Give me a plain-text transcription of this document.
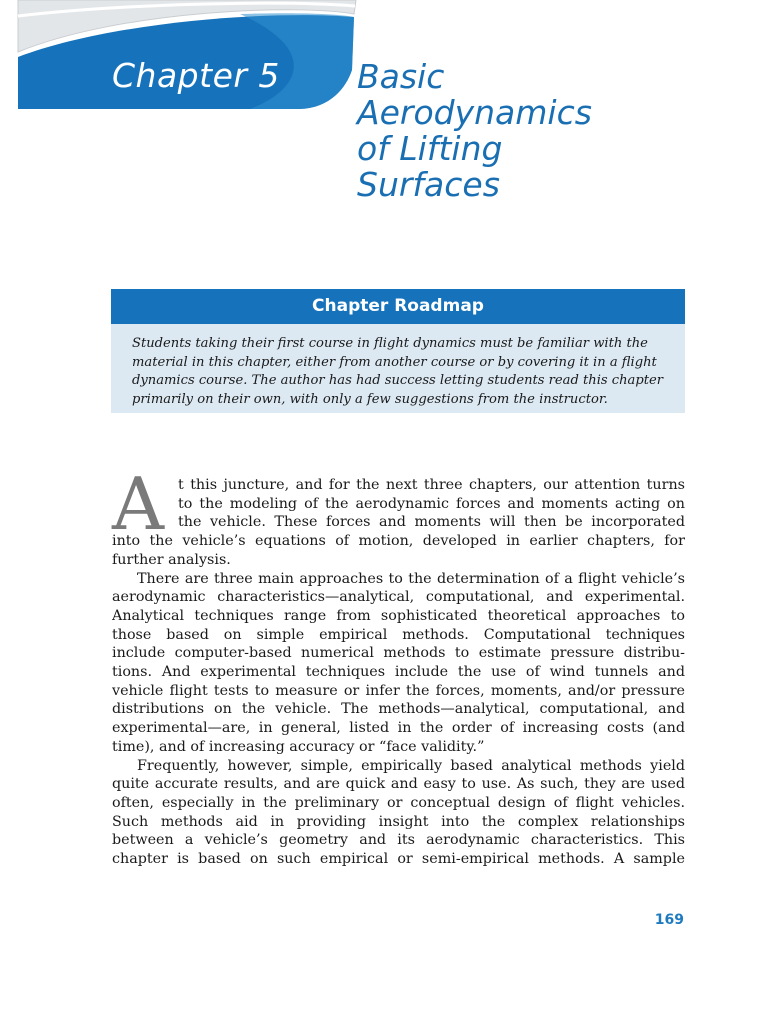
Chapter 5 Basic
Aerodynamics
of Lifting
Surfaces
Chapter Roadmap
Students taking their first course in flight dynamics must be familiar with the
material in this chapter, either from another course or by covering it in a flight
dynamics course. The author has had success letting students read this chapter
primarily on their own, with only a few suggestions from the instructor.
A t this juncture, and for the next three chapters, our attention turns
to the modeling of the aerodynamic forces and moments acting on
the vehicle. These forces and moments will then be incorporated
into the vehicle’s equations of motion, developed in earlier chapters, for
further analysis.
There are three main approaches to the determination of a flight vehicle’s
aerodynamic characteristics—analytical, computational, and experimental.
Analytical techniques range from sophisticated theoretical approaches to
those based on simple empirical methods. Computational techniques
include computer-based numerical methods to estimate pressure distribu-
tions. And experimental techniques include the use of wind tunnels and
vehicle flight tests to measure or infer the forces, moments, and/or pressure
distributions on the vehicle. The methods—analytical, computational, and
experimental—are, in general, listed in the order of increasing costs (and
time), and of increasing accuracy or “face validity.”
Frequently, however, simple, empirically based analytical methods yield
quite accurate results, and are quick and easy to use. As such, they are used
often, especially in the preliminary or conceptual design of flight vehicles.
Such methods aid in providing insight into the complex relationships
between a vehicle’s geometry and its aerodynamic characteristics. This
chapter is based on such empirical or semi-empirical methods. A sample
169
